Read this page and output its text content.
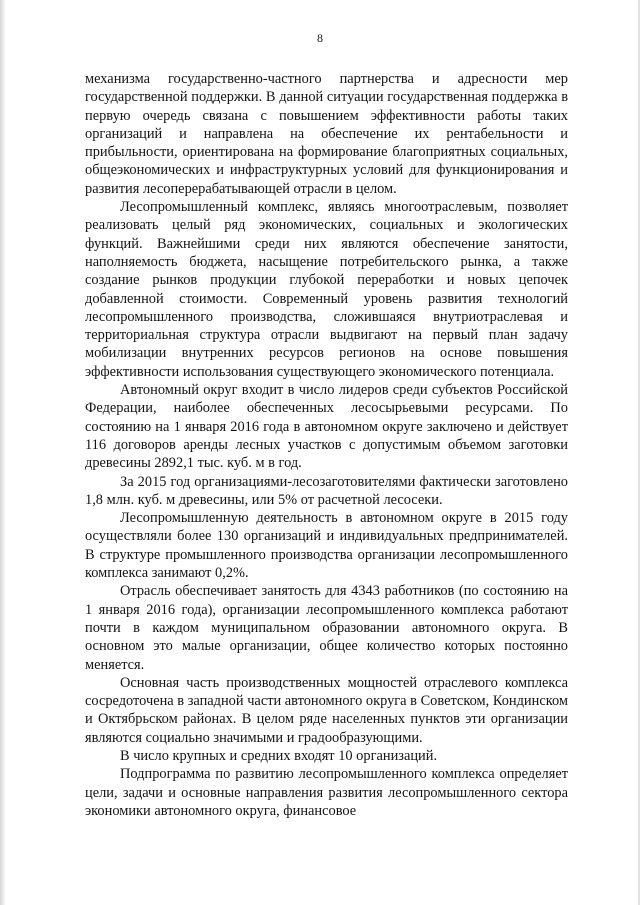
8

механизма государственно-частного партнерства и адресности мер государственной поддержки. В данной ситуации государственная поддержка в первую очередь связана с повышением эффективности работы таких организаций и направлена на обеспечение их рентабельности и прибыльности, ориентирована на формирование благоприятных социальных, общеэкономических и инфраструктурных условий для функционирования и развития лесоперерабатывающей отрасли в целом.

Лесопромышленный комплекс, являясь многоотраслевым, позволяет реализовать целый ряд экономических, социальных и экологических функций. Важнейшими среди них являются обеспечение занятости, наполняемость бюджета, насыщение потребительского рынка, а также создание рынков продукции глубокой переработки и новых цепочек добавленной стоимости. Современный уровень развития технологий лесопромышленного производства, сложившаяся внутриотраслевая и территориальная структура отрасли выдвигают на первый план задачу мобилизации внутренних ресурсов регионов на основе повышения эффективности использования существующего экономического потенциала.

Автономный округ входит в число лидеров среди субъектов Российской Федерации, наиболее обеспеченных лесосырьевыми ресурсами. По состоянию на 1 января 2016 года в автономном округе заключено и действует 116 договоров аренды лесных участков с допустимым объемом заготовки древесины 2892,1 тыс. куб. м в год.

За 2015 год организациями-лесозаготовителями фактически заготовлено 1,8 млн. куб. м древесины, или 5% от расчетной лесосеки.

Лесопромышленную деятельность в автономном округе в 2015 году осуществляли более 130 организаций и индивидуальных предпринимателей. В структуре промышленного производства организации лесопромышленного комплекса занимают 0,2%.

Отрасль обеспечивает занятость для 4343 работников (по состоянию на 1 января 2016 года), организации лесопромышленного комплекса работают почти в каждом муниципальном образовании автономного округа. В основном это малые организации, общее количество которых постоянно меняется.

Основная часть производственных мощностей отраслевого комплекса сосредоточена в западной части автономного округа в Советском, Кондинском и Октябрьском районах. В целом ряде населенных пунктов эти организации являются социально значимыми и градообразующими.

В число крупных и средних входят 10 организаций.

Подпрограмма по развитию лесопромышленного комплекса определяет цели, задачи и основные направления развития лесопромышленного сектора экономики автономного округа, финансовое
